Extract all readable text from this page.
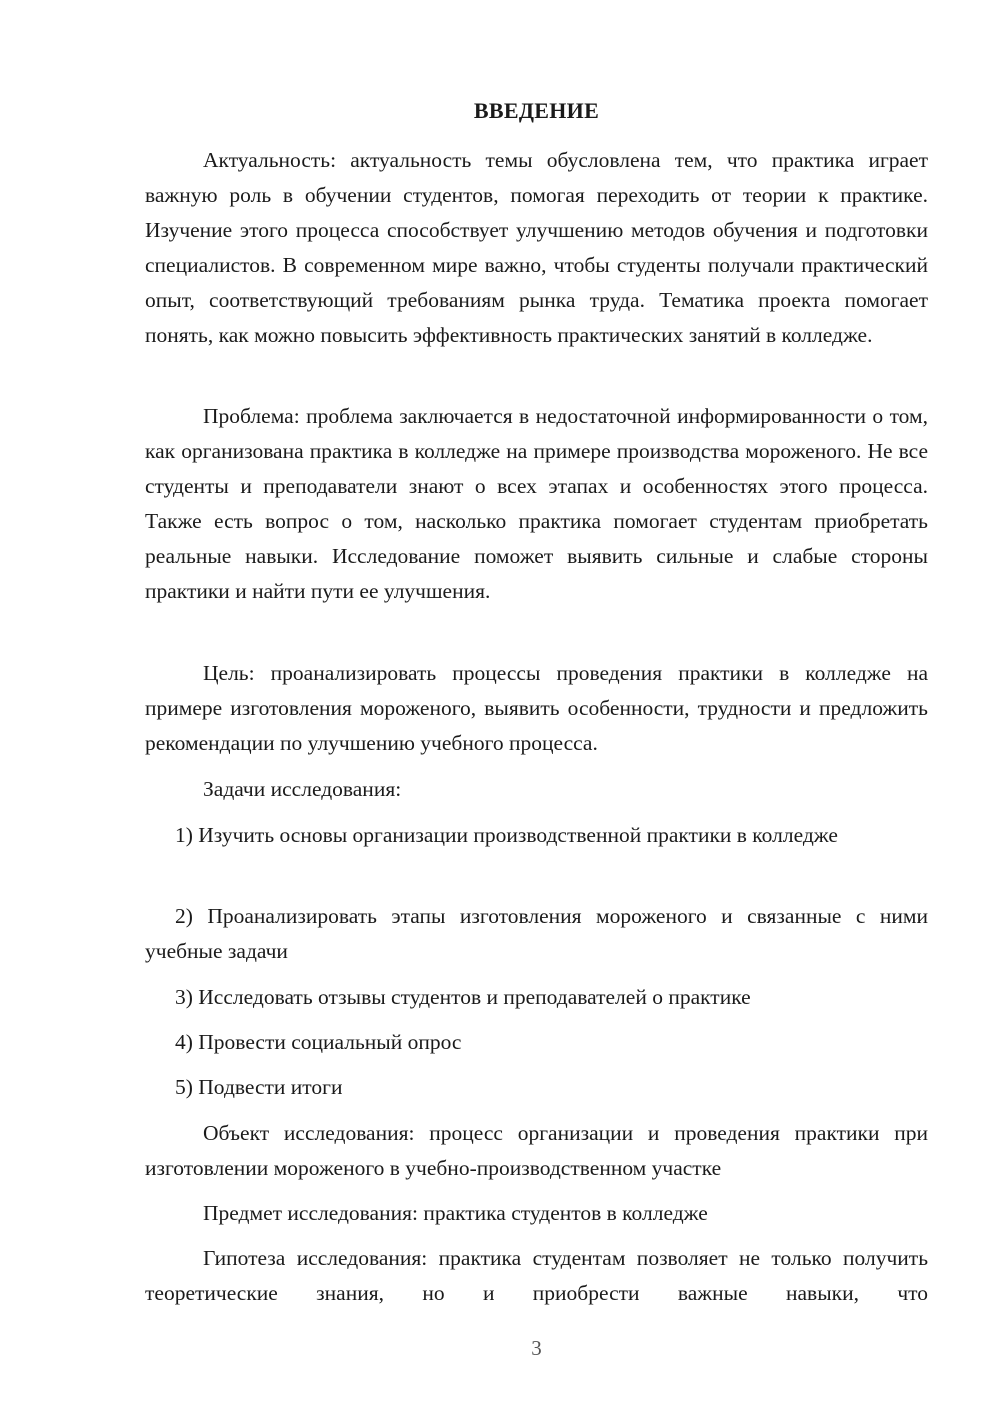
ВВЕДЕНИЕ

Актуальность: актуальность темы обусловлена тем, что практика играет важную роль в обучении студентов, помогая переходить от теории к практике. Изучение этого процесса способствует улучшению методов обучения и подготовки специалистов. В современном мире важно, чтобы студенты получали практический опыт, соответствующий требованиям рынка труда. Тематика проекта помогает понять, как можно повысить эффективность практических занятий в колледже.

Проблема: проблема заключается в недостаточной информированности о том, как организована практика в колледже на примере производства мороженого. Не все студенты и преподаватели знают о всех этапах и особенностях этого процесса. Также есть вопрос о том, насколько практика помогает студентам приобретать реальные навыки. Исследование поможет выявить сильные и слабые стороны практики и найти пути ее улучшения.

Цель: проанализировать процессы проведения практики в колледже на примере изготовления мороженого, выявить особенности, трудности и предложить рекомендации по улучшению учебного процесса.

Задачи исследования:

1) Изучить основы организации производственной практики в колледже

2) Проанализировать этапы изготовления мороженого и связанные с ними учебные задачи

3) Исследовать отзывы студентов и преподавателей о практике

4) Провести социальный опрос

5) Подвести итоги

Объект исследования: процесс организации и проведения практики при изготовлении мороженого в учебно-производственном участке

Предмет исследования: практика студентов в колледже

Гипотеза исследования: практика студентам позволяет не только получить теоретические знания, но и приобрести важные навыки, что

3
